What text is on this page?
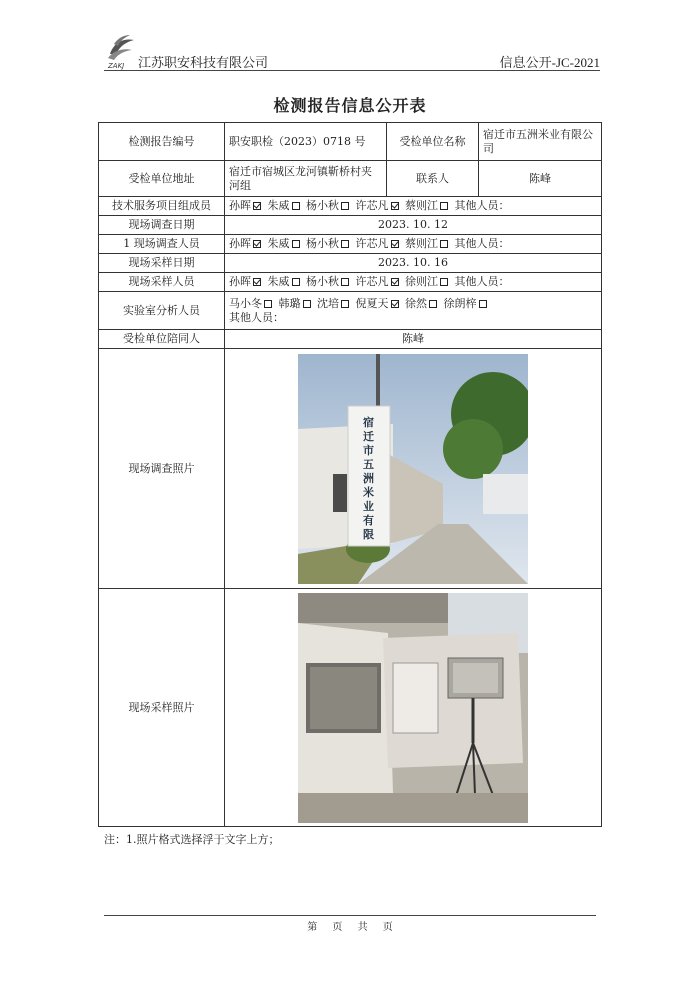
ZAKJ 江苏职安科技有限公司	信息公开-JC-2021
检测报告信息公开表
检测报告编号	职安职检（2023）0718 号	受检单位名称	宿迁市五洲米业有限公司
受检单位地址	宿迁市宿城区龙河镇靳桥村夹河组	联系人	陈峰
技术服务项目组成员	孙晖 朱威 杨小秋 许芯凡 蔡则江 其他人员：		
现场调查日期	2023. 10. 12		
1 现场调查人员	孙晖 朱威 杨小秋 许芯凡 蔡则江 其他人员：		
现场采样日期	2023. 10. 16		
现场采样人员	孙晖 朱威 杨小秋 许芯凡 徐则江 其他人员：		
实验室分析人员	马小冬 韩璐 沈培 倪夏天 徐然 徐朗梓
其他人员：		
受检单位陪同人	陈峰		
现场调查照片	宿迁市 五洲米 业有限		

现场采样照片	
注：1.照片格式选择浮于文字上方；
第 页 共 页
